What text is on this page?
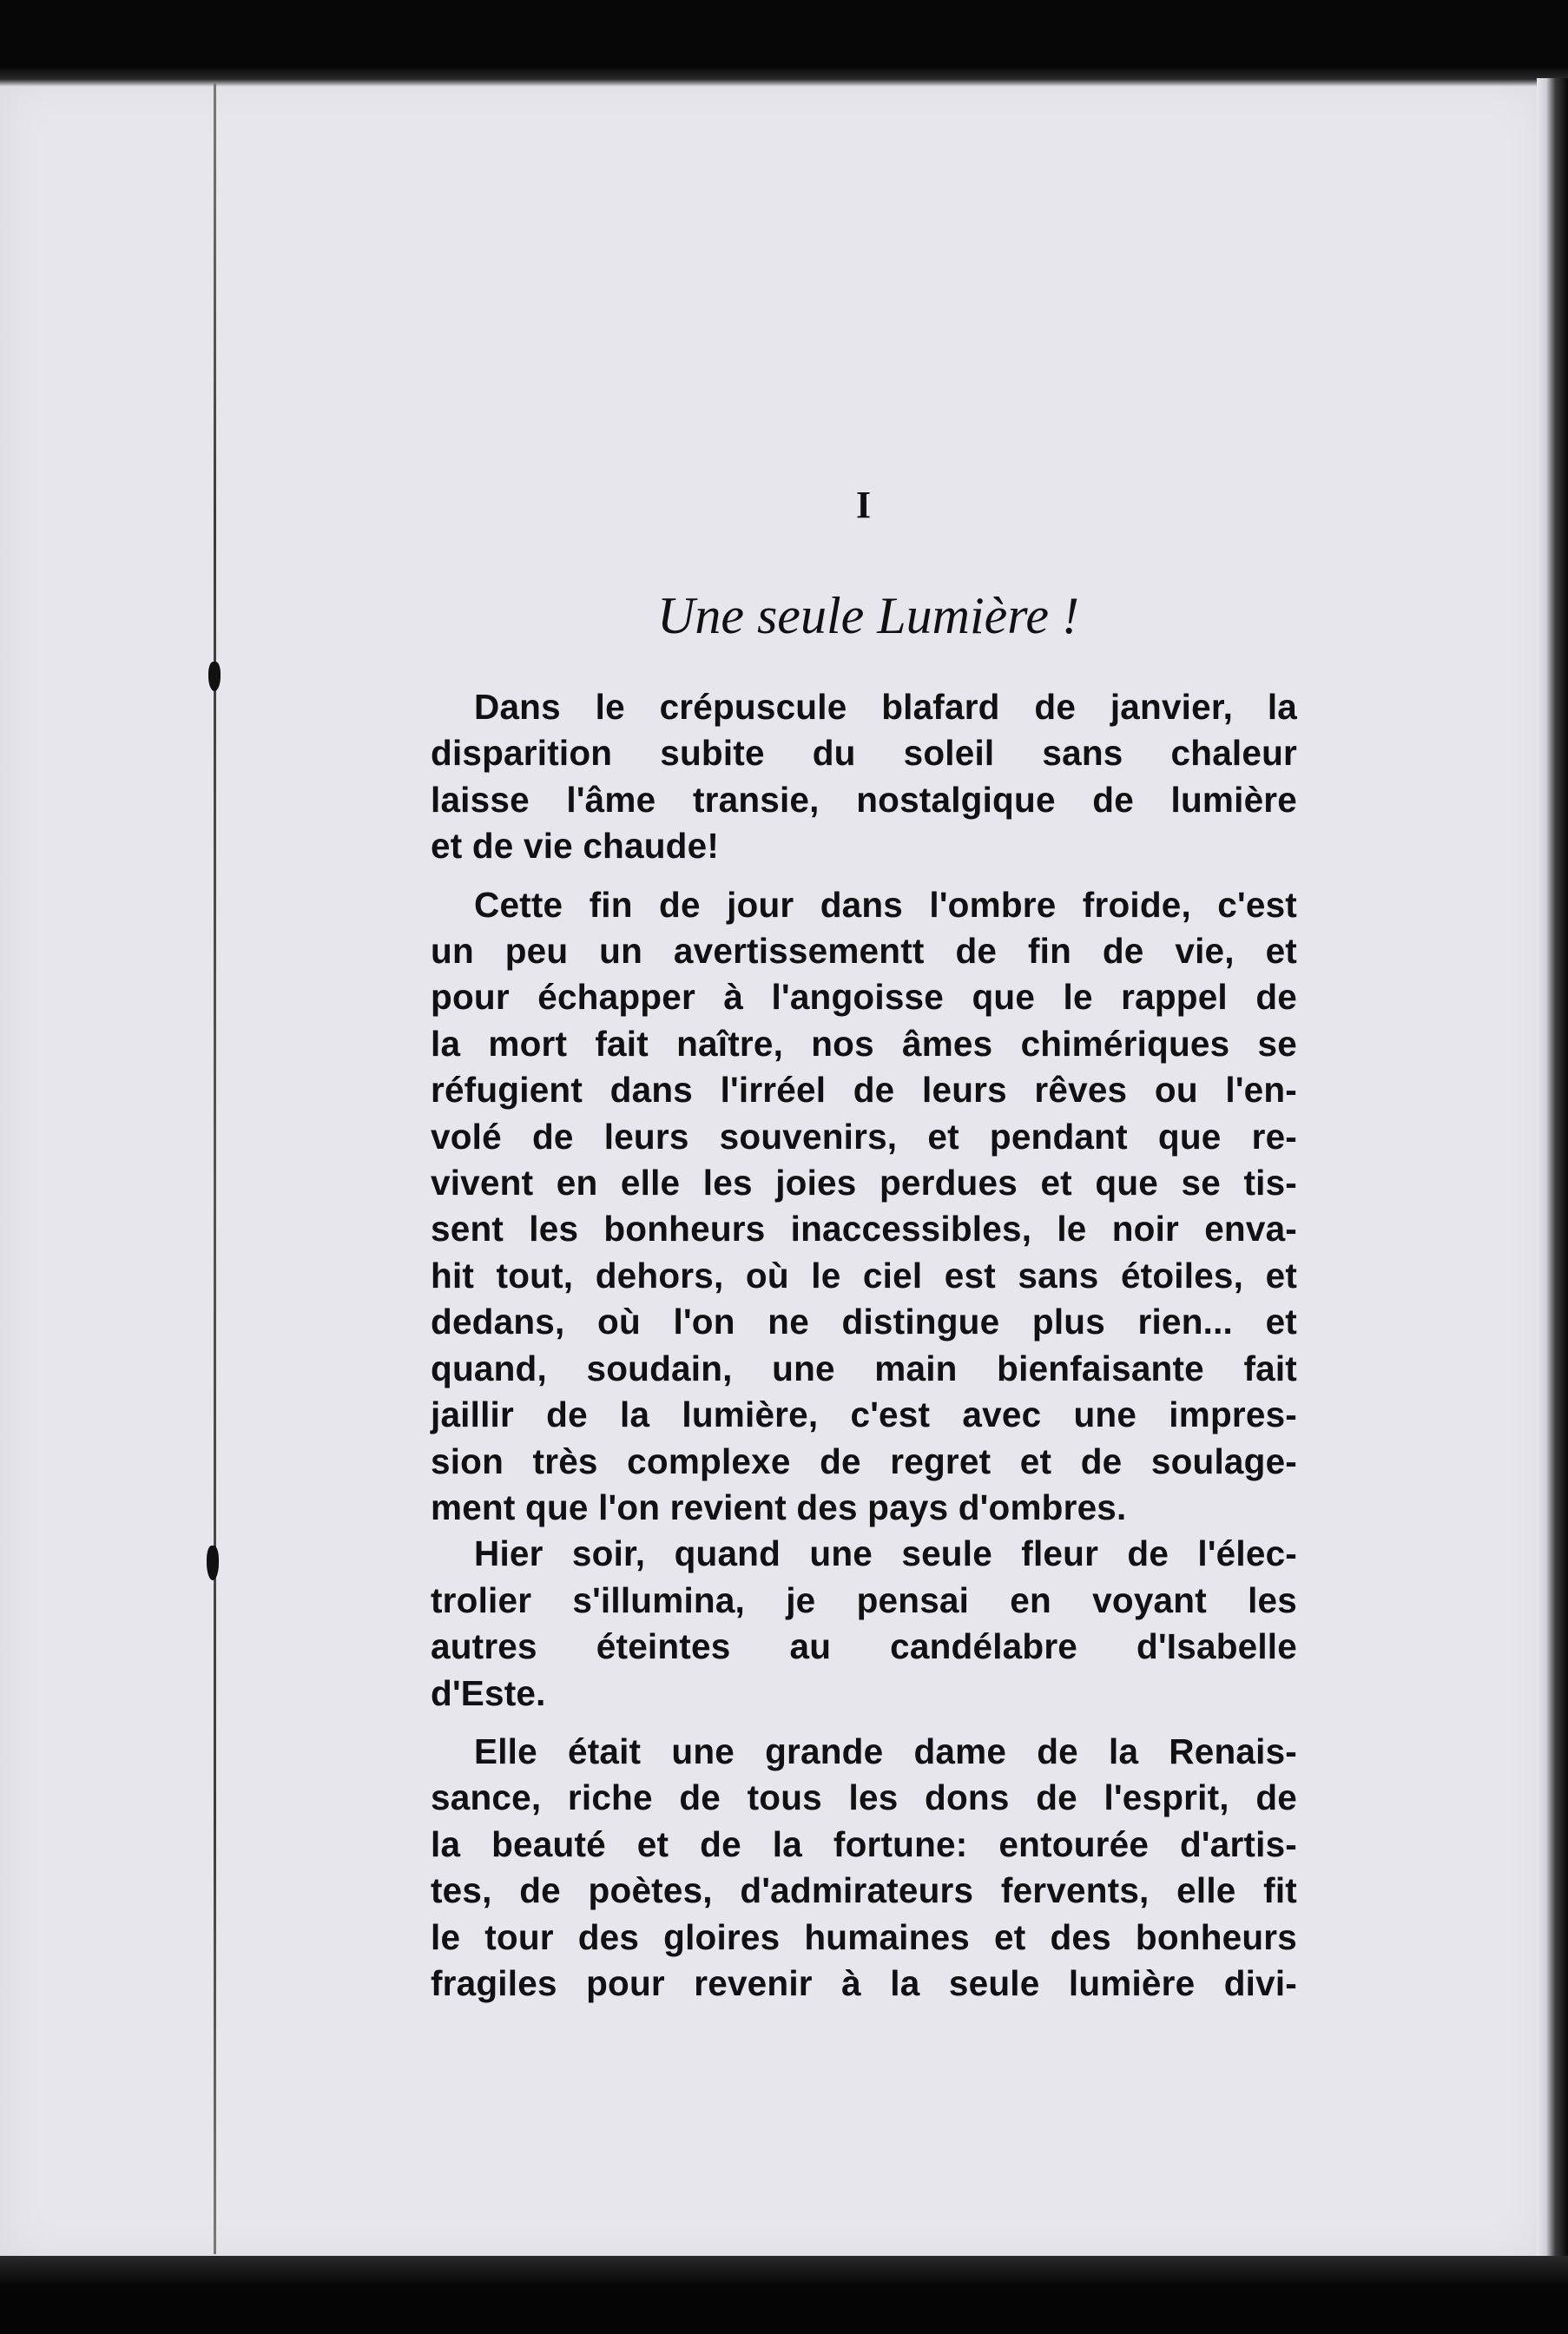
I
Une seule Lumière !
Dans le crépuscule blafard de janvier, la
disparition subite du soleil sans chaleur
laisse l'âme transie, nostalgique de lumière
et de vie chaude!
Cette fin de jour dans l'ombre froide, c'est
un peu un avertissementt de fin de vie, et
pour échapper à l'angoisse que le rappel de
la mort fait naître, nos âmes chimériques se
réfugient dans l'irréel de leurs rêves ou l'en-
volé de leurs souvenirs, et pendant que re-
vivent en elle les joies perdues et que se tis-
sent les bonheurs inaccessibles, le noir enva-
hit tout, dehors, où le ciel est sans étoiles, et
dedans, où l'on ne distingue plus rien... et
quand, soudain, une main bienfaisante fait
jaillir de la lumière, c'est avec une impres-
sion très complexe de regret et de soulage-
ment que l'on revient des pays d'ombres.
Hier soir, quand une seule fleur de l'élec-
trolier s'illumina, je pensai en voyant les
autres éteintes au candélabre d'Isabelle
d'Este.
Elle était une grande dame de la Renais-
sance, riche de tous les dons de l'esprit, de
la beauté et de la fortune: entourée d'artis-
tes, de poètes, d'admirateurs fervents, elle fit
le tour des gloires humaines et des bonheurs
fragiles pour revenir à la seule lumière divi-
